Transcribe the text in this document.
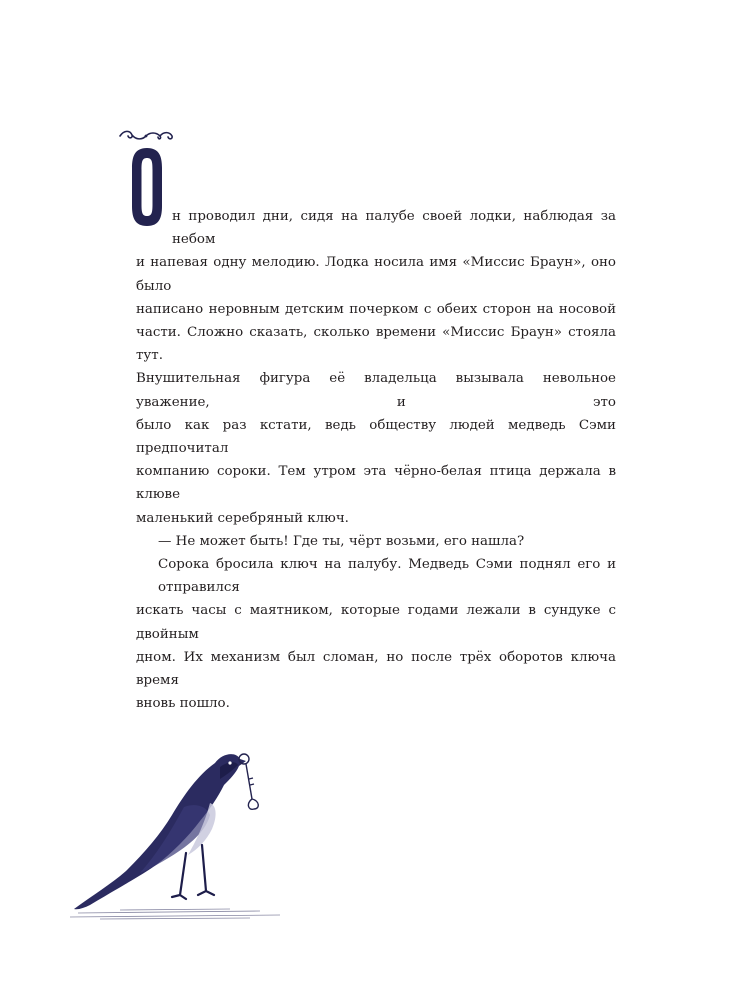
н проводил дни, сидя на палубе своей лодки, наблюдая за небом
и напевая одну мелодию. Лодка носила имя «Миссис Браун», оно было
написано неровным детским почерком с обеих сторон на носовой
части. Сложно сказать, сколько времени «Миссис Браун» стояла тут.
Внушительная фигура её владельца вызывала невольное уважение, и это
было как раз кстати, ведь обществу людей медведь Сэми предпочитал
компанию сороки. Тем утром эта чёрно-белая птица держала в клюве
маленький серебряный ключ.
— Не может быть! Где ты, чёрт возьми, его нашла?
Сорока бросила ключ на палубу. Медведь Сэми поднял его и отправился
искать часы с маятником, которые годами лежали в сундуке с двойным
дном. Их механизм был сломан, но после трёх оборотов ключа время
вновь пошло.
